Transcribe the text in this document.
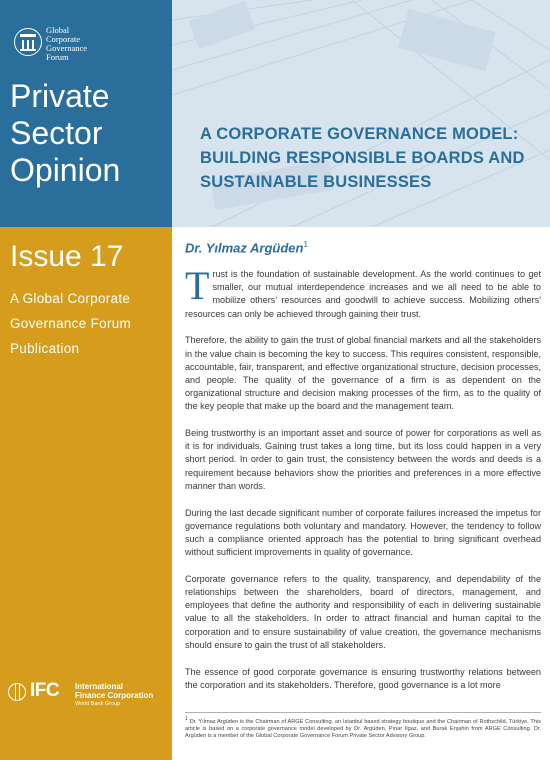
Global
Corporate
Governance
Forum
Private
Sector
Opinion
Issue 17
A Global Corporate
Governance Forum
Publication
IFC International
Finance Corporation
World Bank Group
A CORPORATE GOVERNANCE MODEL:
BUILDING RESPONSIBLE BOARDS AND
SUSTAINABLE BUSINESSES
Dr. Yılmaz Argüden$^1$

Trust is the foundation of sustainable development. As the world continues to get smaller, our mutual interdependence increases and we all need to be able to mobilize others' resources and goodwill to achieve success. Mobilizing others' resources can only be achieved through gaining their trust.

Therefore, the ability to gain the trust of global financial markets and all the stakeholders in the value chain is becoming the key to success. This requires consistent, responsible, accountable, fair, transparent, and effective organizational structure, decision processes, and people. The quality of the governance of a firm is as dependent on the organizational structure and decision making processes of the firm, as to the quality of the key people that make up the board and the management team.

Being trustworthy is an important asset and source of power for corporations as well as it is for individuals. Gaining trust takes a long time, but its loss could happen in a very short period. In order to gain trust, the consistency between the words and deeds is a requirement because behaviors show the priorities and preferences in a more effective manner than words.

During the last decade significant number of corporate failures increased the impetus for governance regulations both voluntary and mandatory. However, the tendency to follow such a compliance oriented approach has the potential to bring significant overhead without sufficient improvements in quality of governance.

Corporate governance refers to the quality, transparency, and dependability of the relationships between the shareholders, board of directors, management, and employees that define the authority and responsibility of each in delivering sustainable value to all the stakeholders. In order to attract financial and human capital to the corporation and to ensure sustainability of value creation, the governance mechanisms should ensure to gain the trust of all stakeholders.

The essence of good corporate governance is ensuring trustworthy relations between the corporation and its stakeholders. Therefore, good governance is a lot more

$^1$ Dr. Yılmaz Argüden is the Chairman of ARGE Consulting, an Istanbul based strategy boutique and the Chairman of Rothschild, Türkiye. This article is based on a corporate governance model developed by Dr. Argüden, Pınar Ilgaz, and Burak Erşahin from ARGE Consulting. Dr. Argüden is a member of the Global Corporate Governance Forum Private Sector Advisory Group.
